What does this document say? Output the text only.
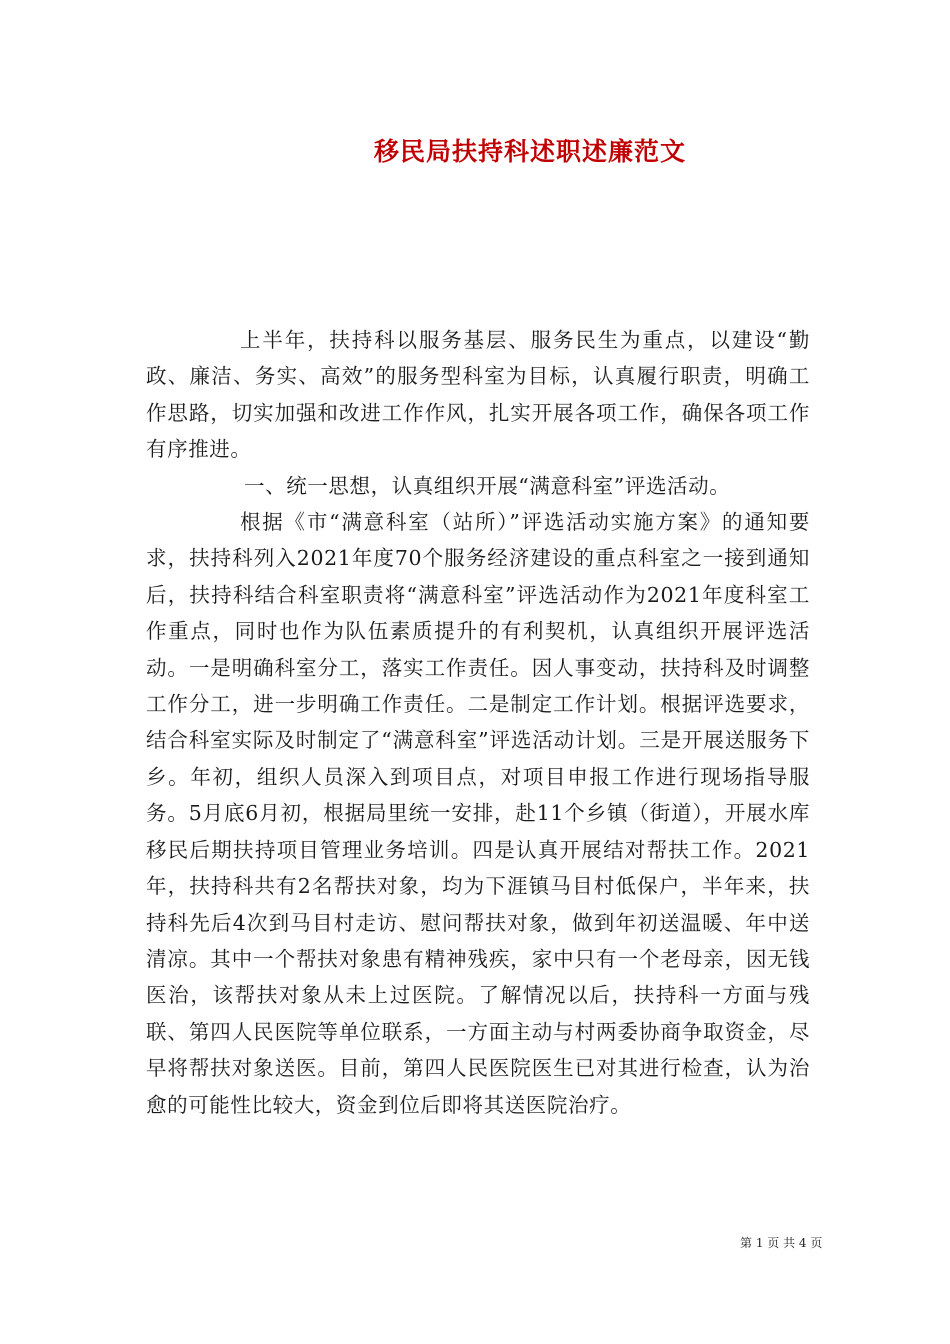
移民局扶持科述职述廉范文

上半年，扶持科以服务基层、服务民生为重点，以建设“勤政、廉洁、务实、高效”的服务型科室为目标，认真履行职责，明确工作思路，切实加强和改进工作作风，扎实开展各项工作，确保各项工作有序推进。

一、统一思想，认真组织开展“满意科室”评选活动。

根据《市“满意科室（站所）”评选活动实施方案》的通知要求，扶持科列入2021年度70个服务经济建设的重点科室之一接到通知后，扶持科结合科室职责将“满意科室”评选活动作为2021年度科室工作重点，同时也作为队伍素质提升的有利契机，认真组织开展评选活动。一是明确科室分工，落实工作责任。因人事变动，扶持科及时调整工作分工，进一步明确工作责任。二是制定工作计划。根据评选要求，结合科室实际及时制定了“满意科室”评选活动计划。三是开展送服务下乡。年初，组织人员深入到项目点，对项目申报工作进行现场指导服务。5月底6月初，根据局里统一安排，赴11个乡镇（街道），开展水库移民后期扶持项目管理业务培训。四是认真开展结对帮扶工作。2021年，扶持科共有2名帮扶对象，均为下涯镇马目村低保户，半年来，扶持科先后4次到马目村走访、慰问帮扶对象，做到年初送温暖、年中送清凉。其中一个帮扶对象患有精神残疾，家中只有一个老母亲，因无钱医治，该帮扶对象从未上过医院。了解情况以后，扶持科一方面与残联、第四人民医院等单位联系，一方面主动与村两委协商争取资金，尽早将帮扶对象送医。目前，第四人民医院医生已对其进行检查，认为治愈的可能性比较大，资金到位后即将其送医院治疗。

第 1 页 共 4 页
